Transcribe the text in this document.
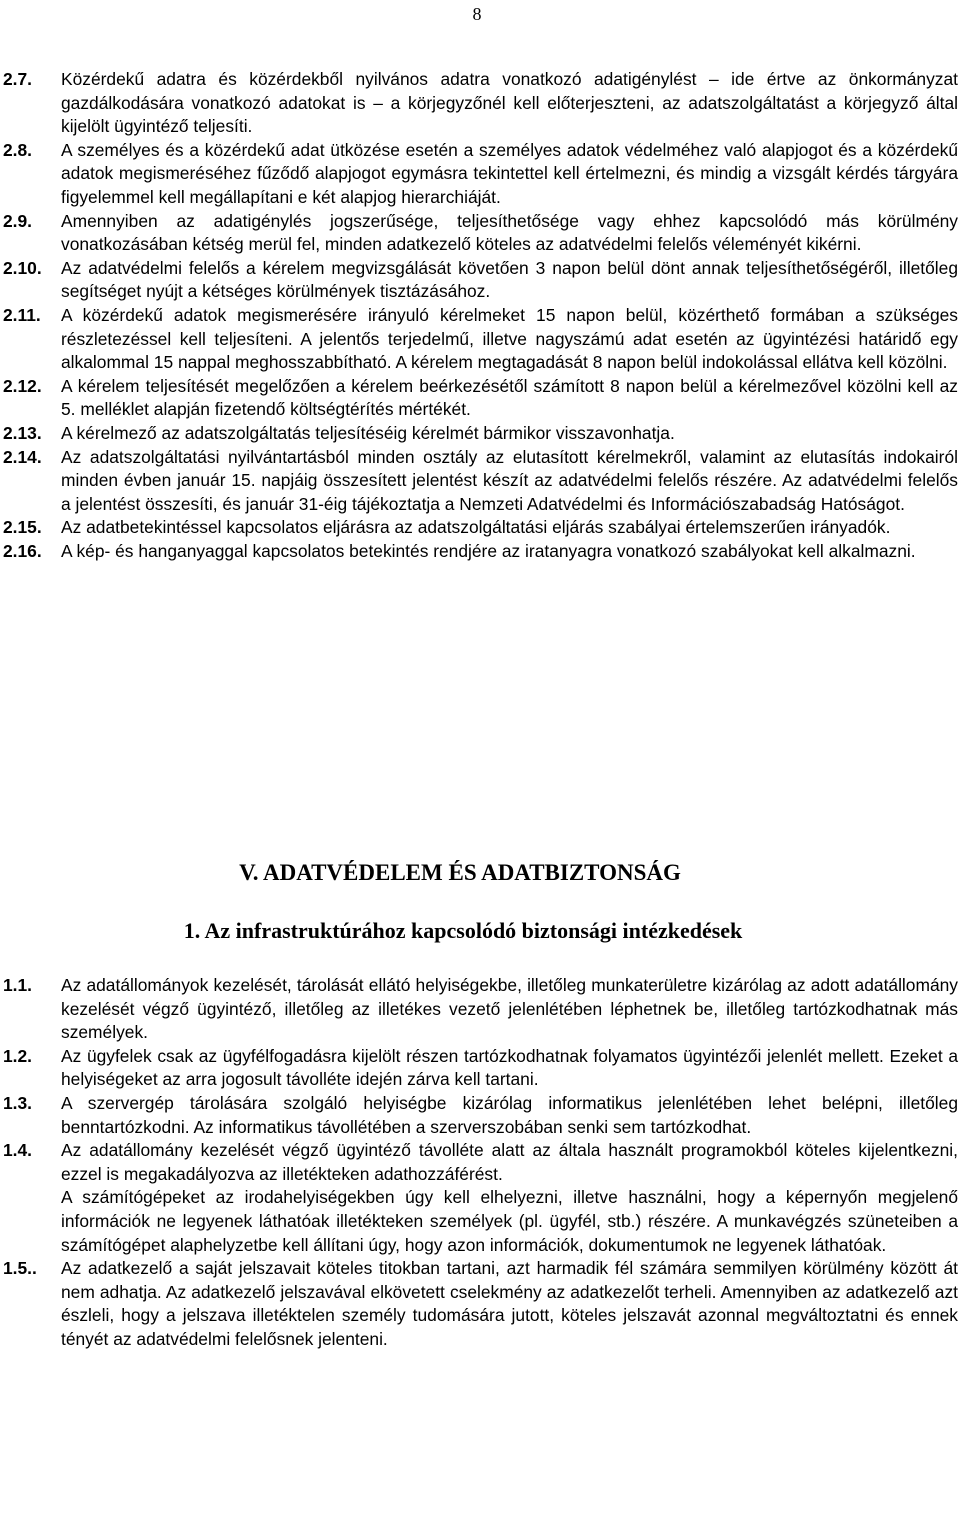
8
2.7. Közérdekű adatra és közérdekből nyilvános adatra vonatkozó adatigénylést – ide értve az önkormányzat gazdálkodására vonatkozó adatokat is – a körjegyzőnél kell előterjeszteni, az adatszolgáltatást a körjegyző által kijelölt ügyintéző teljesíti.
2.8. A személyes és a közérdekű adat ütközése esetén a személyes adatok védelméhez való alapjogot és a közérdekű adatok megismeréséhez fűződő alapjogot egymásra tekintettel kell értelmezni, és mindig a vizsgált kérdés tárgyára figyelemmel kell megállapítani e két alapjog hierarchiáját.
2.9. Amennyiben az adatigénylés jogszerűsége, teljesíthetősége vagy ehhez kapcsolódó más körülmény vonatkozásában kétség merül fel, minden adatkezelő köteles az adatvédelmi felelős véleményét kikérni.
2.10. Az adatvédelmi felelős a kérelem megvizsgálását követően 3 napon belül dönt annak teljesíthetőségéről, illetőleg segítséget nyújt a kétséges körülmények tisztázásához.
2.11. A közérdekű adatok megismerésére irányuló kérelmeket 15 napon belül, közérthető formában a szükséges részletezéssel kell teljesíteni. A jelentős terjedelmű, illetve nagyszámú adat esetén az ügyintézési határidő egy alkalommal 15 nappal meghosszabbítható. A kérelem megtagadását 8 napon belül indokolással ellátva kell közölni.
2.12. A kérelem teljesítését megelőzően a kérelem beérkezésétől számított 8 napon belül a kérelmezővel közölni kell az 5. melléklet alapján fizetendő költségtérítés mértékét.
2.13. A kérelmező az adatszolgáltatás teljesítéséig kérelmét bármikor visszavonhatja.
2.14. Az adatszolgáltatási nyilvántartásból minden osztály az elutasított kérelmekről, valamint az elutasítás indokairól minden évben január 15. napjáig összesített jelentést készít az adatvédelmi felelős részére. Az adatvédelmi felelős a jelentést összesíti, és január 31-éig tájékoztatja a Nemzeti Adatvédelmi és Információszabadság Hatóságot.
2.15. Az adatbetekintéssel kapcsolatos eljárásra az adatszolgáltatási eljárás szabályai értelemszerűen irányadók.
2.16. A kép- és hanganyaggal kapcsolatos betekintés rendjére az iratanyagra vonatkozó szabályokat kell alkalmazni.
V. ADATVÉDELEM ÉS ADATBIZTONSÁG
1. Az infrastruktúrához kapcsolódó biztonsági intézkedések
1.1. Az adatállományok kezelését, tárolását ellátó helyiségekbe, illetőleg munkaterületre kizárólag az adott adatállomány kezelését végző ügyintéző, illetőleg az illetékes vezető jelenlétében léphetnek be, illetőleg tartózkodhatnak más személyek.
1.2. Az ügyfelek csak az ügyfélfogadásra kijelölt részen tartózkodhatnak folyamatos ügyintézői jelenlét mellett. Ezeket a helyiségeket az arra jogosult távolléte idején zárva kell tartani.
1.3. A szervergép tárolására szolgáló helyiségbe kizárólag informatikus jelenlétében lehet belépni, illetőleg benntartózkodni. Az informatikus távollétében a szerverszobában senki sem tartózkodhat.
1.4. Az adatállomány kezelését végző ügyintéző távolléte alatt az általa használt programokból köteles kijelentkezni, ezzel is megakadályozva az illetékteken adathozzáférést.
A számítógépeket az irodahelyiségekben úgy kell elhelyezni, illetve használni, hogy a képernyőn megjelenő információk ne legyenek láthatóak illetékteken személyek (pl. ügyfél, stb.) részére. A munkavégzés szüneteiben a számítógépet alaphelyzetbe kell állítani úgy, hogy azon információk, dokumentumok ne legyenek láthatóak.
1.5.. Az adatkezelő a saját jelszavait köteles titokban tartani, azt harmadik fél számára semmilyen körülmény között át nem adhatja. Az adatkezelő jelszavával elkövetett cselekmény az adatkezelőt terheli. Amennyiben az adatkezelő azt észleli, hogy a jelszava illetéktelen személy tudomására jutott, köteles jelszavát azonnal megváltoztatni és ennek tényét az adatvédelmi felelősnek jelenteni.
